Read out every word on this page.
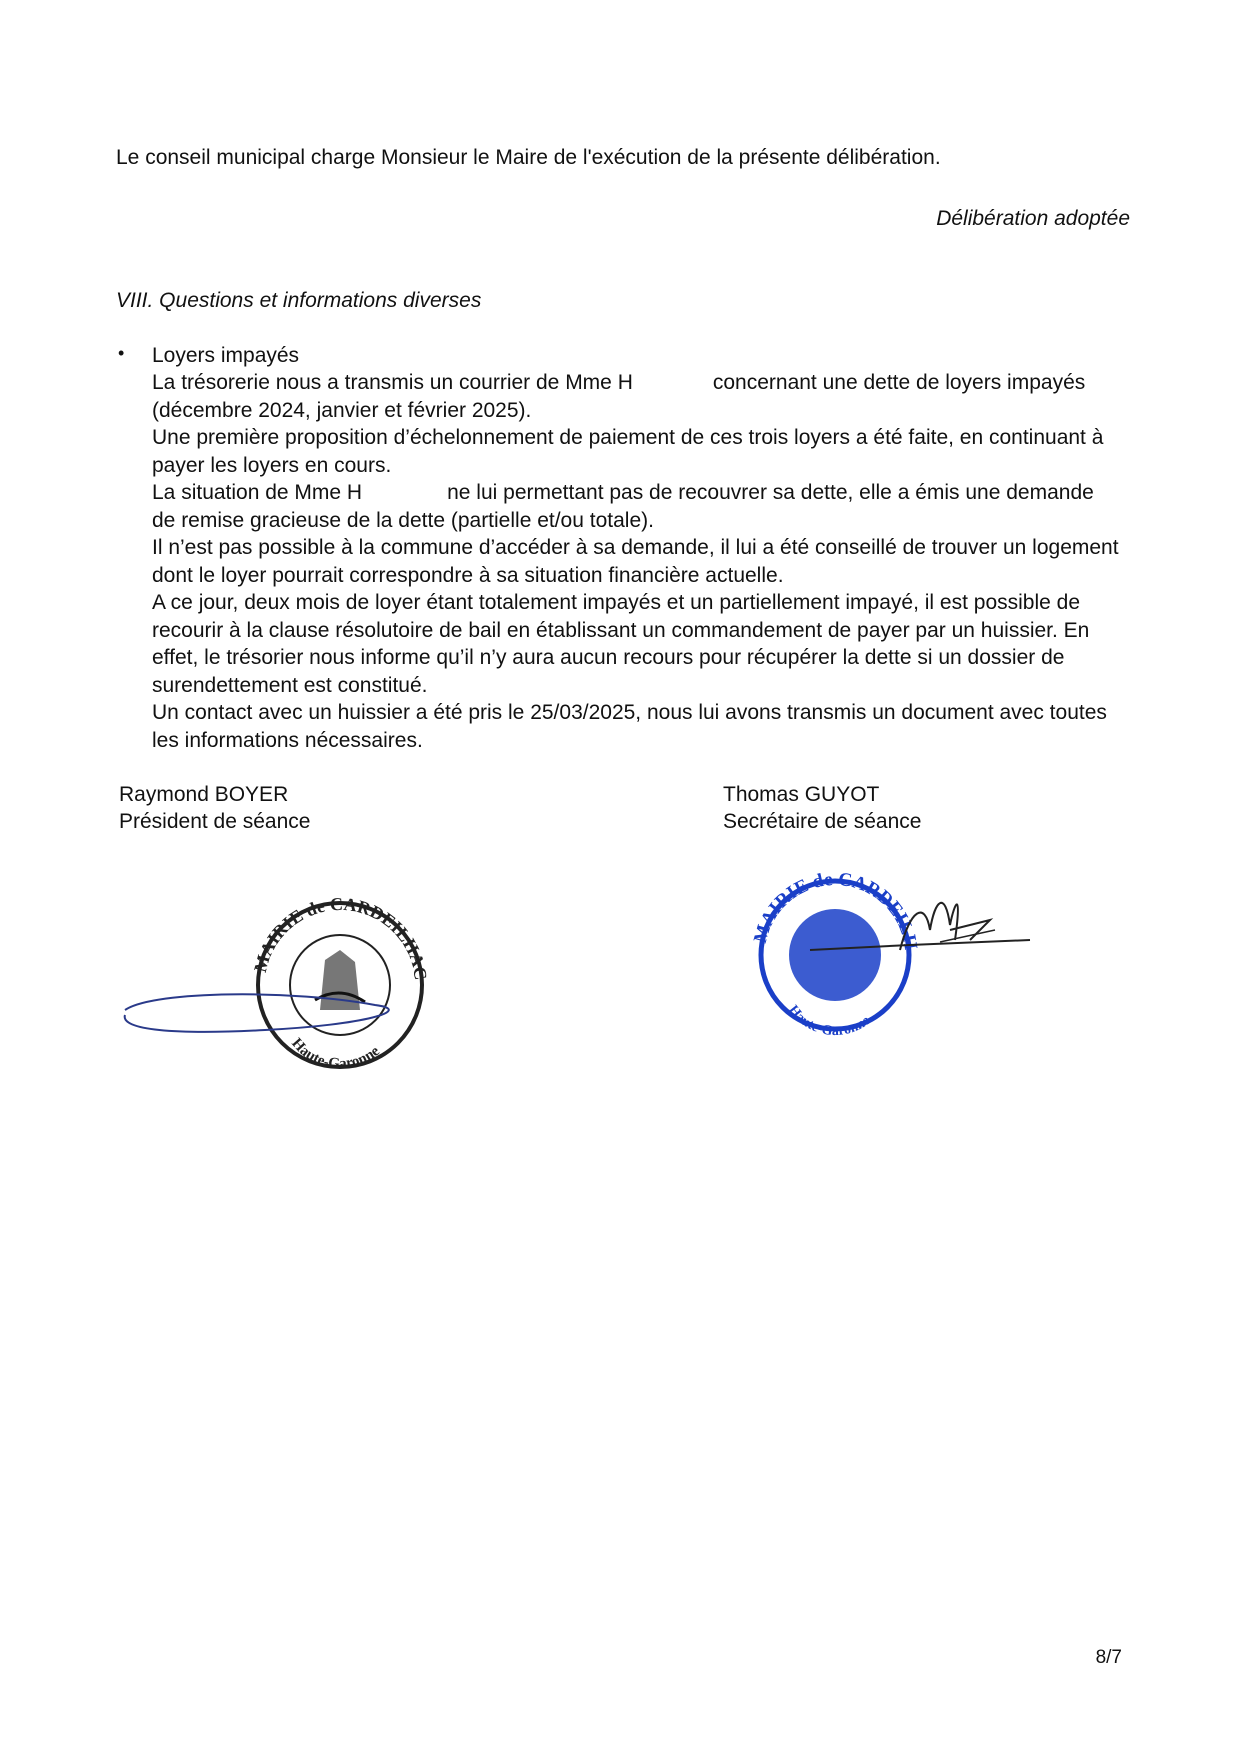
Le conseil municipal charge Monsieur le Maire de l'exécution de la présente délibération.
Délibération adoptée
VIII. Questions et informations diverses
• Loyers impayés
La trésorerie nous a transmis un courrier de Mme H	concernant une dette de loyers impayés (décembre 2024, janvier et février 2025).
Une première proposition d’échelonnement de paiement de ces trois loyers a été faite, en continuant à payer les loyers en cours.
La situation de Mme H	ne lui permettant pas de recouvrer sa dette, elle a émis une demande de remise gracieuse de la dette (partielle et/ou totale).
Il n’est pas possible à la commune d’accéder à sa demande, il lui a été conseillé de trouver un logement dont le loyer pourrait correspondre à sa situation financière actuelle.
A ce jour, deux mois de loyer étant totalement impayés et un partiellement impayé, il est possible de recourir à la clause résolutoire de bail en établissant un commandement de payer par un huissier. En effet, le trésorier nous informe qu’il n’y aura aucun recours pour récupérer la dette si un dossier de surendettement est constitué.
Un contact avec un huissier a été pris le 25/03/2025, nous lui avons transmis un document avec toutes les informations nécessaires.
Raymond BOYER
Président de séance
Thomas GUYOT
Secrétaire de séance
MAIRIE de CARDEILHAC
Haute-Garonne
MAIRIE de CARDEILH
Haute-Garonne
8/7
